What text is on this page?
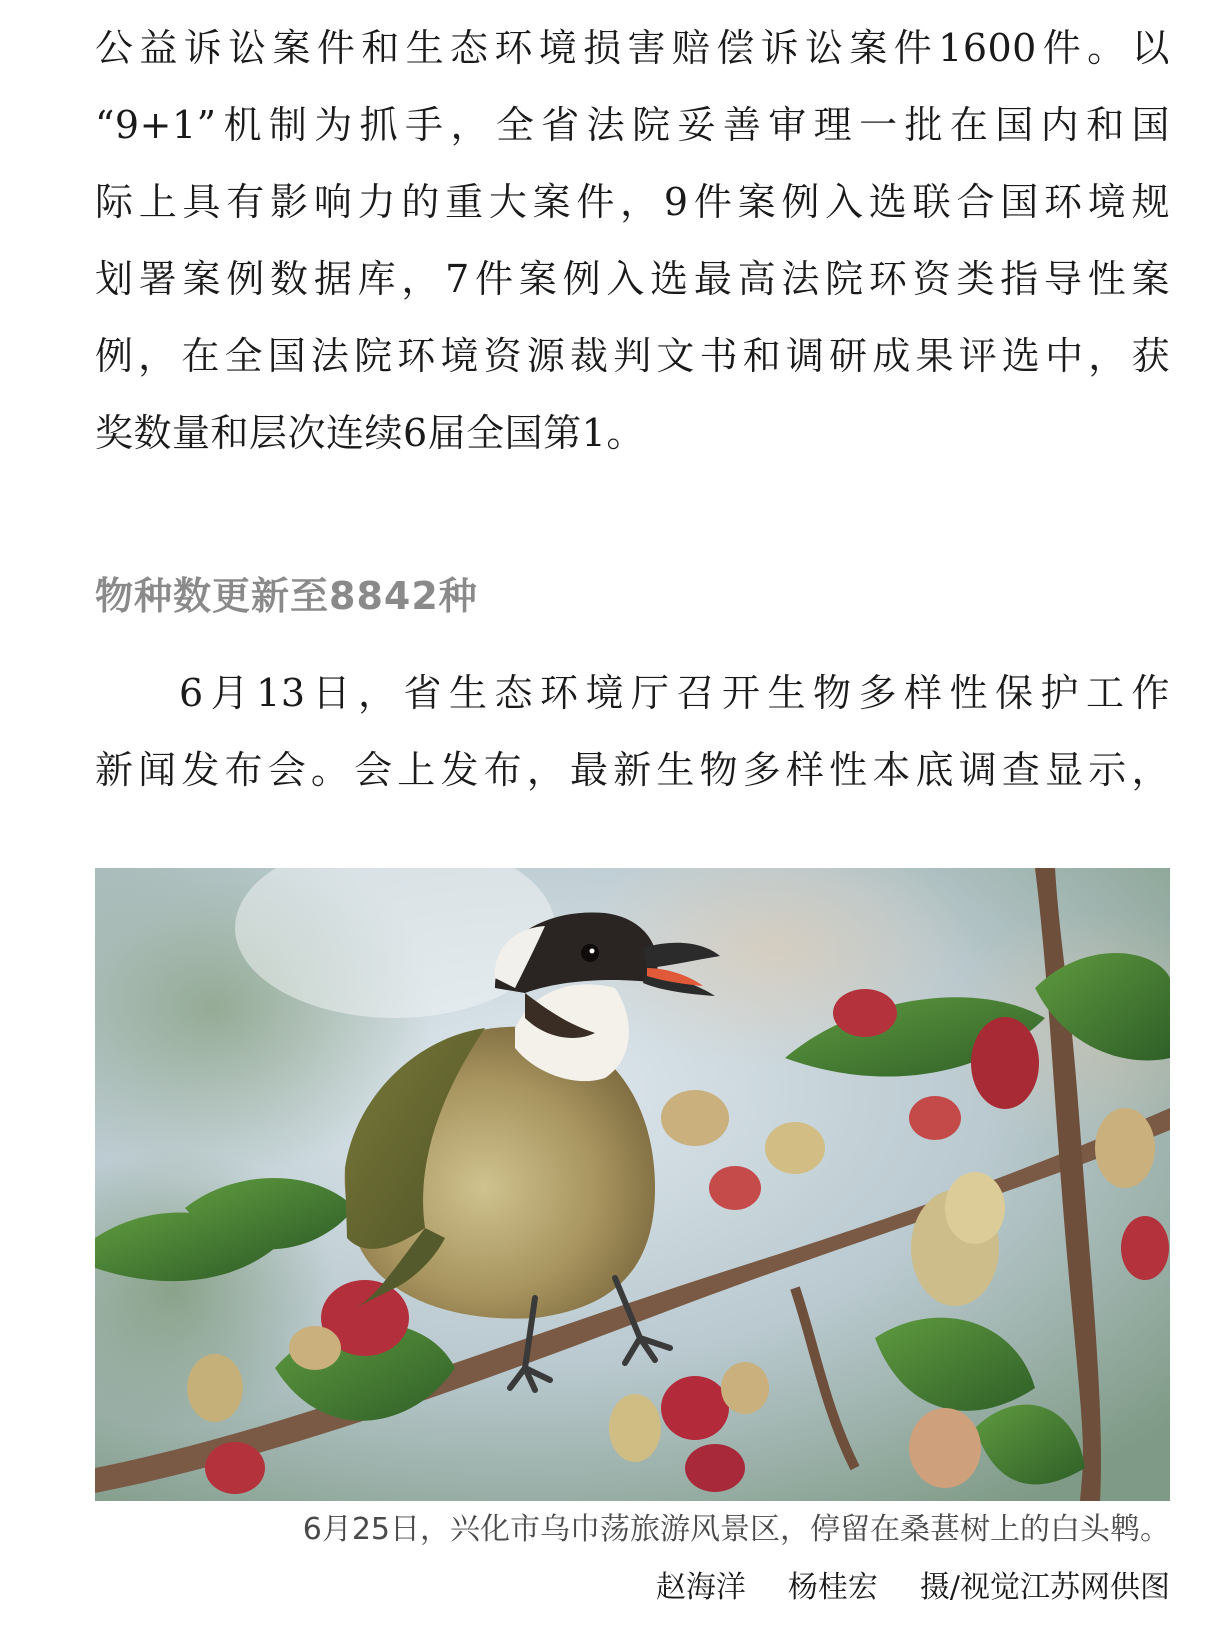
公益诉讼案件和生态环境损害赔偿诉讼案件1600件。以
“9+1”机制为抓手，全省法院妥善审理一批在国内和国
际上具有影响力的重大案件，9件案例入选联合国环境规
划署案例数据库，7件案例入选最高法院环资类指导性案
例，在全国法院环境资源裁判文书和调研成果评选中，获
奖数量和层次连续6届全国第1。
物种数更新至8842种
6月13日，省生态环境厅召开生物多样性保护工作
新闻发布会。会上发布，最新生物多样性本底调查显示，
6月25日，兴化市乌巾荡旅游风景区，停留在桑葚树上的白头鹎。
赵海洋 杨桂宏 摄/视觉江苏网供图
